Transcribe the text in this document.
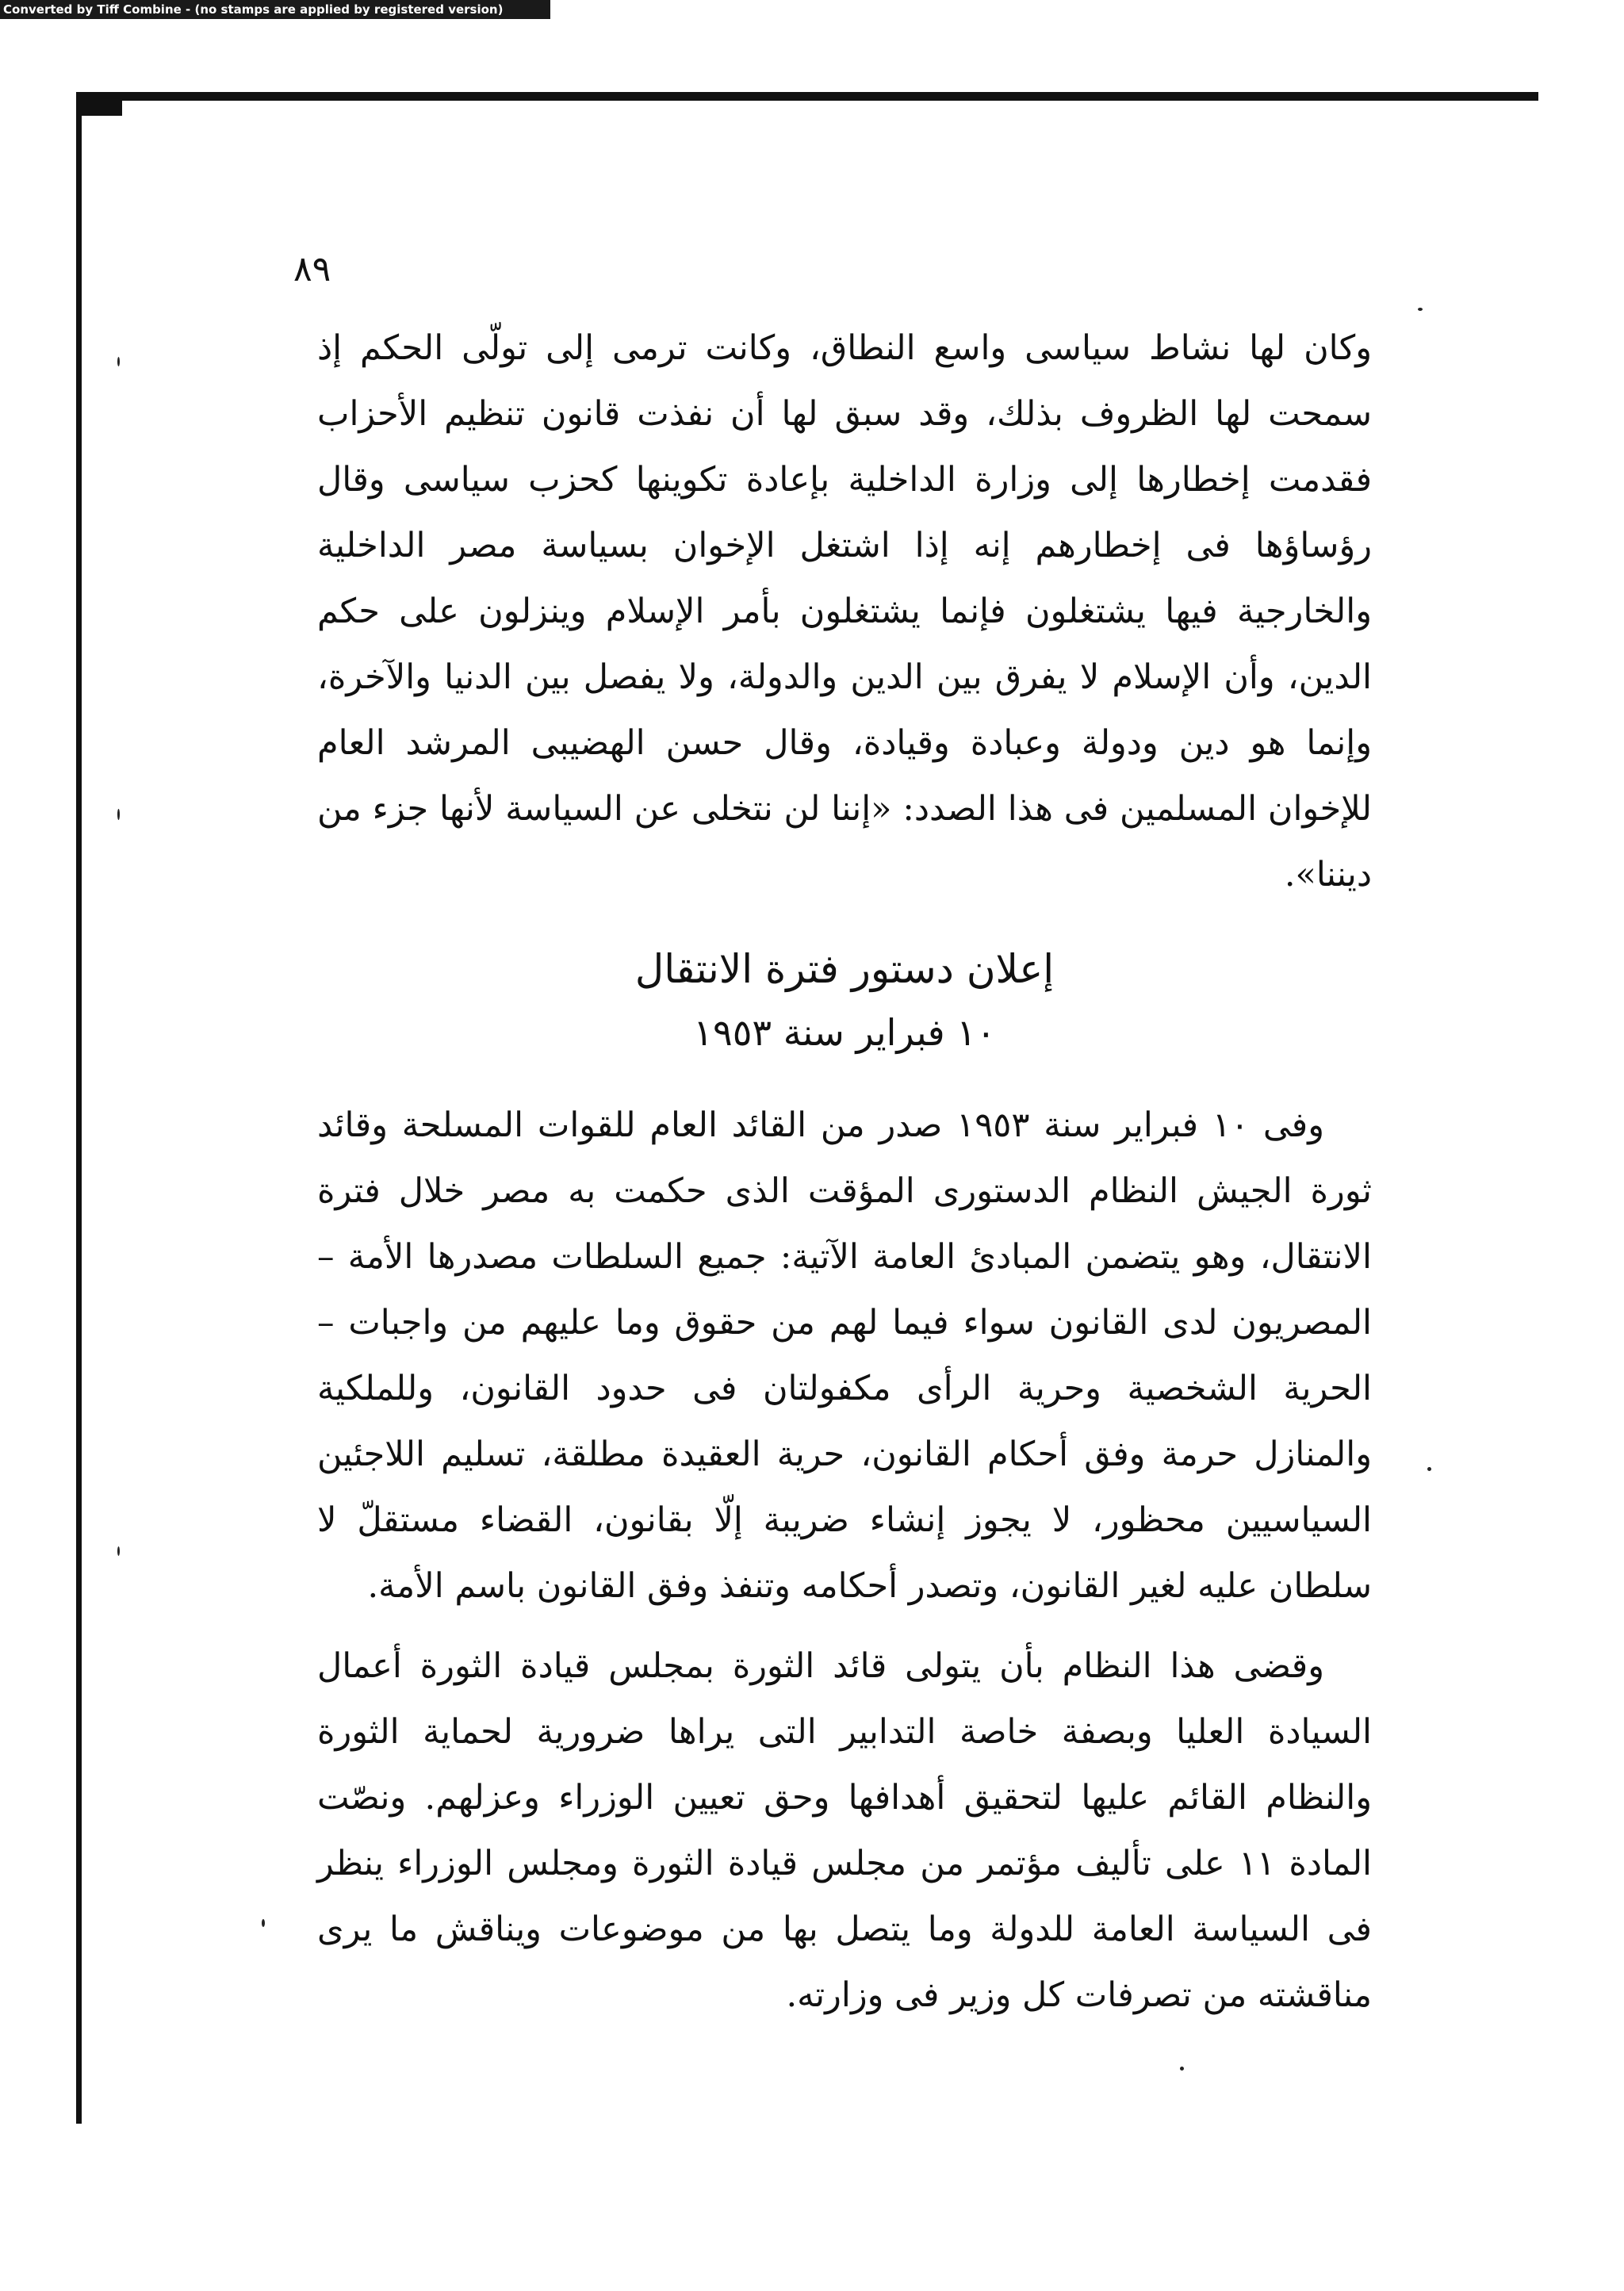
Converted by Tiff Combine - (no stamps are applied by registered version)
٨٩

وكان لها نشاط سياسى واسع النطاق، وكانت ترمى إلى تولّى الحكم إذ سمحت لها الظروف بذلك، وقد سبق لها أن نفذت قانون تنظيم الأحزاب فقدمت إخطارها إلى وزارة الداخلية بإعادة تكوينها كحزب سياسى وقال رؤساؤها فى إخطارهم إنه إذا اشتغل الإخوان بسياسة مصر الداخلية والخارجية فيها يشتغلون فإنما يشتغلون بأمر الإسلام وينزلون على حكم الدين، وأن الإسلام لا يفرق بين الدين والدولة، ولا يفصل بين الدنيا والآخرة، وإنما هو دين ودولة وعبادة وقيادة، وقال حسن الهضيبى المرشد العام للإخوان المسلمين فى هذا الصدد: «إننا لن نتخلى عن السياسة لأنها جزء من ديننا».

إعلان دستور فترة الانتقال
١٠ فبراير سنة ١٩٥٣

وفى ١٠ فبراير سنة ١٩٥٣ صدر من القائد العام للقوات المسلحة وقائد ثورة الجيش النظام الدستورى المؤقت الذى حكمت به مصر خلال فترة الانتقال، وهو يتضمن المبادئ العامة الآتية: جميع السلطات مصدرها الأمة – المصريون لدى القانون سواء فيما لهم من حقوق وما عليهم من واجبات – الحرية الشخصية وحرية الرأى مكفولتان فى حدود القانون، وللملكية والمنازل حرمة وفق أحكام القانون، حرية العقيدة مطلقة، تسليم اللاجئين السياسيين محظور، لا يجوز إنشاء ضريبة إلّا بقانون، القضاء مستقلّ لا سلطان عليه لغير القانون، وتصدر أحكامه وتنفذ وفق القانون باسم الأمة.

وقضى هذا النظام بأن يتولى قائد الثورة بمجلس قيادة الثورة أعمال السيادة العليا وبصفة خاصة التدابير التى يراها ضرورية لحماية الثورة والنظام القائم عليها لتحقيق أهدافها وحق تعيين الوزراء وعزلهم. ونصّت المادة ١١ على تأليف مؤتمر من مجلس قيادة الثورة ومجلس الوزراء ينظر فى السياسة العامة للدولة وما يتصل بها من موضوعات ويناقش ما يرى مناقشته من تصرفات كل وزير فى وزارته.
